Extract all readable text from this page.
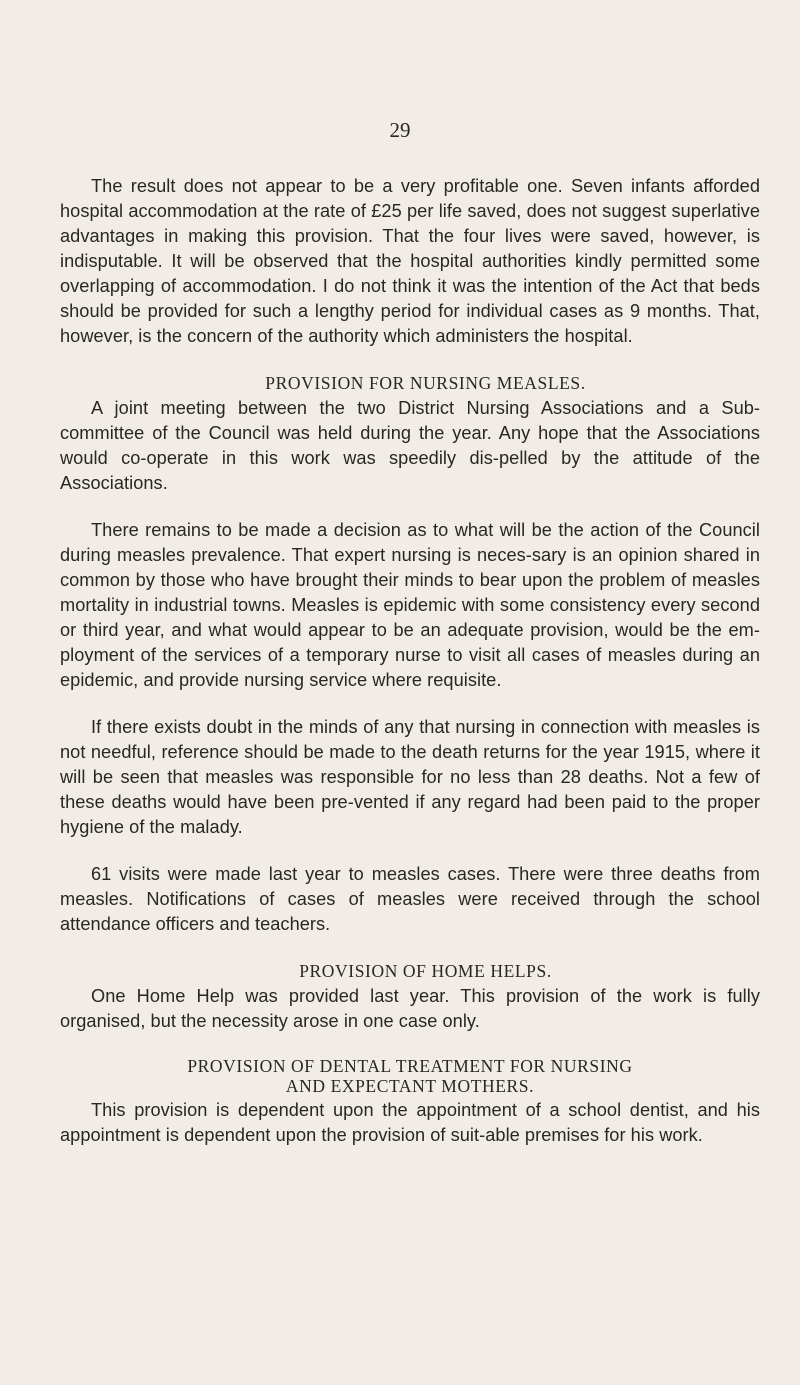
29

The result does not appear to be a very profitable one. Seven infants afforded hospital accommodation at the rate of £25 per life saved, does not suggest superlative advantages in making this provision. That the four lives were saved, however, is indisputable. It will be observed that the hospital authorities kindly permitted some overlapping of accommodation. I do not think it was the intention of the Act that beds should be provided for such a lengthy period for individual cases as 9 months. That, however, is the concern of the authority which administers the hospital.

PROVISION FOR NURSING MEASLES.

A joint meeting between the two District Nursing Associations and a Sub-committee of the Council was held during the year. Any hope that the Associations would co-operate in this work was speedily dis-pelled by the attitude of the Associations.

There remains to be made a decision as to what will be the action of the Council during measles prevalence. That expert nursing is neces-sary is an opinion shared in common by those who have brought their minds to bear upon the problem of measles mortality in industrial towns. Measles is epidemic with some consistency every second or third year, and what would appear to be an adequate provision, would be the em-ployment of the services of a temporary nurse to visit all cases of measles during an epidemic, and provide nursing service where requisite.

If there exists doubt in the minds of any that nursing in connection with measles is not needful, reference should be made to the death returns for the year 1915, where it will be seen that measles was responsible for no less than 28 deaths. Not a few of these deaths would have been pre-vented if any regard had been paid to the proper hygiene of the malady.

61 visits were made last year to measles cases. There were three deaths from measles. Notifications of cases of measles were received through the school attendance officers and teachers.

PROVISION OF HOME HELPS.

One Home Help was provided last year. This provision of the work is fully organised, but the necessity arose in one case only.

PROVISION OF DENTAL TREATMENT FOR NURSING
AND EXPECTANT MOTHERS.

This provision is dependent upon the appointment of a school dentist, and his appointment is dependent upon the provision of suit-able premises for his work.
